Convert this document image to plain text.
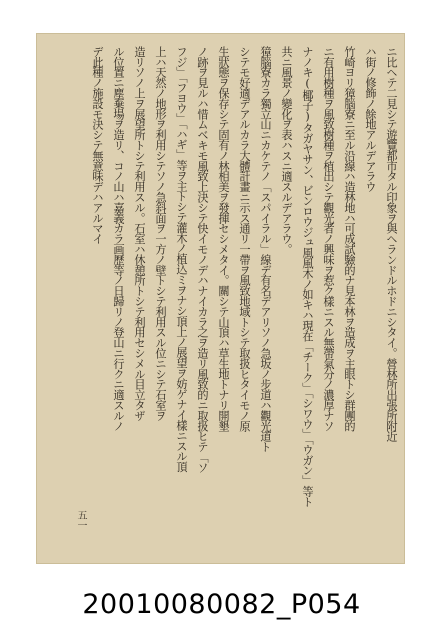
ニ比ヘテ二見シテ遊覽都市タル印象ヲ與ヘランドルホドニシタイ。營林所出張所附近
ハ街ノ修飾ノ餘地アルデアラウ
竹崎ヨリ獐腦寮ニ至ル沿線ハ造林地ハ可成試驗的ナ見本林ヲ造成ヲ主眼トシ群團的
ニ有用樹種ヲ風致樹種ヲ植出シテ觀光者ノ興味ヲ惹ク樣ニスル無帶氣分ノ濃厚ナソ
ナノキ(椰子)タガヤサン、ビンロウジュ風風木ノ如キハ現在「チーク」「シワウ」「ウガン」等ト
共ニ風景ノ變化ヲ表ハスニ適スルデアラウ。
獐腦寮カラ獨立山ニカケテノ「スパイラル」線デ有名デアリソノ急坂ノ步道ハ觀光道ト
シテモ好適デアルカラ大體計畫ニ示ス通リ一帶ヲ風致地域トシテ取扱ヒタイモノ原
生狀態ヲ保存シテ固有ノ林相美ヲ發揮セシメタイ。關シテ山頂ハ草生地トナリ開墾
ノ跡ヲ見ルハ惜ムベキモ風致上決シテ快イモノデハナイカラ之ヲ造リ風致的ニ取扱ヒテ「ソ
フジ」「フヨウ」「ハギ」等ヲ主トシテ灌木ノ植込ミヲナシ頂上ノ展望ヲ妨ゲナイ樣ニスル頂
上ハ天然ノ地形ヲ利用シテソノ急斜面ヲ一方ノ壁トシテ利用スル位ニシテ石室ヲ
造リソノ上ヲ展望所トシテ利用スル。石室ハ休憩所トシテ利用セシメル目立タザ
ル位置ニ塵棄場ヲ造リ、コノ山ハ嘉義カラ画歷等ノ日歸リノ登山ニ行クニ適スルノ
デ此種ノ施設モ決シテ無意味デハアルマイ
五一
20010080082_P054
